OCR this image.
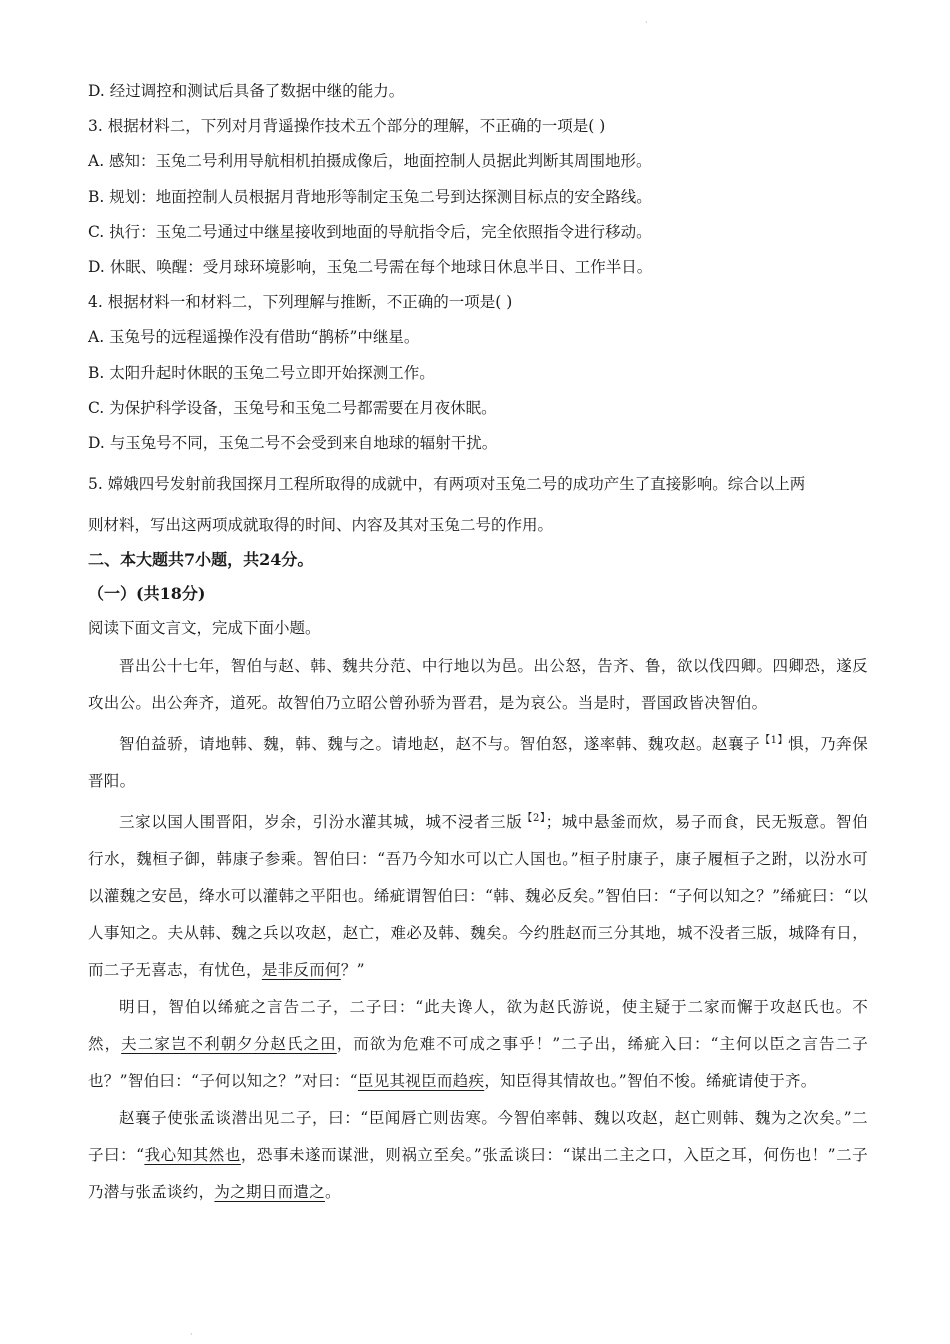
·
D. 经过调控和测试后具备了数据中继的能力。
3. 根据材料二，下列对月背遥操作技术五个部分的理解，不正确的一项是( )
A. 感知：玉兔二号利用导航相机拍摄成像后，地面控制人员据此判断其周围地形。
B. 规划：地面控制人员根据月背地形等制定玉兔二号到达探测目标点的安全路线。
C. 执行：玉兔二号通过中继星接收到地面的导航指令后，完全依照指令进行移动。
D. 休眠、唤醒：受月球环境影响，玉兔二号需在每个地球日休息半日、工作半日。
4. 根据材料一和材料二，下列理解与推断，不正确的一项是( )
A. 玉兔号的远程遥操作没有借助“鹊桥”中继星。
B. 太阳升起时休眠的玉兔二号立即开始探测工作。
C. 为保护科学设备，玉兔号和玉兔二号都需要在月夜休眠。
D. 与玉兔号不同，玉兔二号不会受到来自地球的辐射干扰。
5. 嫦娥四号发射前我国探月工程所取得的成就中，有两项对玉兔二号的成功产生了直接影响。综合以上两
则材料，写出这两项成就取得的时间、内容及其对玉兔二号的作用。
二、本大题共7小题，共24分。
（一）(共18分)
阅读下面文言文，完成下面小题。

晋出公十七年，智伯与赵、韩、魏共分范、中行地以为邑。出公怒，告齐、鲁，欲以伐四卿。四卿恐，遂反攻出公。出公奔齐，道死。故智伯乃立昭公曾孙骄为晋君，是为哀公。当是时，晋国政皆决智伯。

智伯益骄，请地韩、魏，韩、魏与之。请地赵，赵不与。智伯怒，遂率韩、魏攻赵。赵襄子$^{【1】}$惧，乃奔保晋阳。

三家以国人围晋阳，岁余，引汾水灌其城，城不浸者三版$^{【2】}$；城中悬釜而炊，易子而食，民无叛意。智伯行水，魏桓子御，韩康子参乘。智伯曰：“吾乃今知水可以亡人国也。”桓子肘康子，康子履桓子之跗，以汾水可以灌魏之安邑，绛水可以灌韩之平阳也。𫄨疵谓智伯曰：“韩、魏必反矣。”智伯曰：“子何以知之？”𫄨疵曰：“以人事知之。夫从韩、魏之兵以攻赵，赵亡，难必及韩、魏矣。今约胜赵而三分其地，城不没者三版，城降有日，而二子无喜志，有忧色，是非反而何？”

明日，智伯以𫄨疵之言告二子，二子曰：“此夫谗人，欲为赵氏游说，使主疑于二家而懈于攻赵氏也。不然，夫二家岂不利朝夕分赵氏之田，而欲为危难不可成之事乎！”二子出，𫄨疵入曰：“主何以臣之言告二子也？”智伯曰：“子何以知之？”对曰：“臣见其视臣而趋疾，知臣得其情故也。”智伯不悛。𫄨疵请使于齐。

赵襄子使张孟谈潜出见二子，曰：“臣闻唇亡则齿寒。今智伯率韩、魏以攻赵，赵亡则韩、魏为之次矣。”二子曰：“我心知其然也，恐事未遂而谋泄，则祸立至矣。”张孟谈曰：“谋出二主之口，入臣之耳，何伤也！”二子乃潜与张孟谈约，为之期日而遣之。

·
